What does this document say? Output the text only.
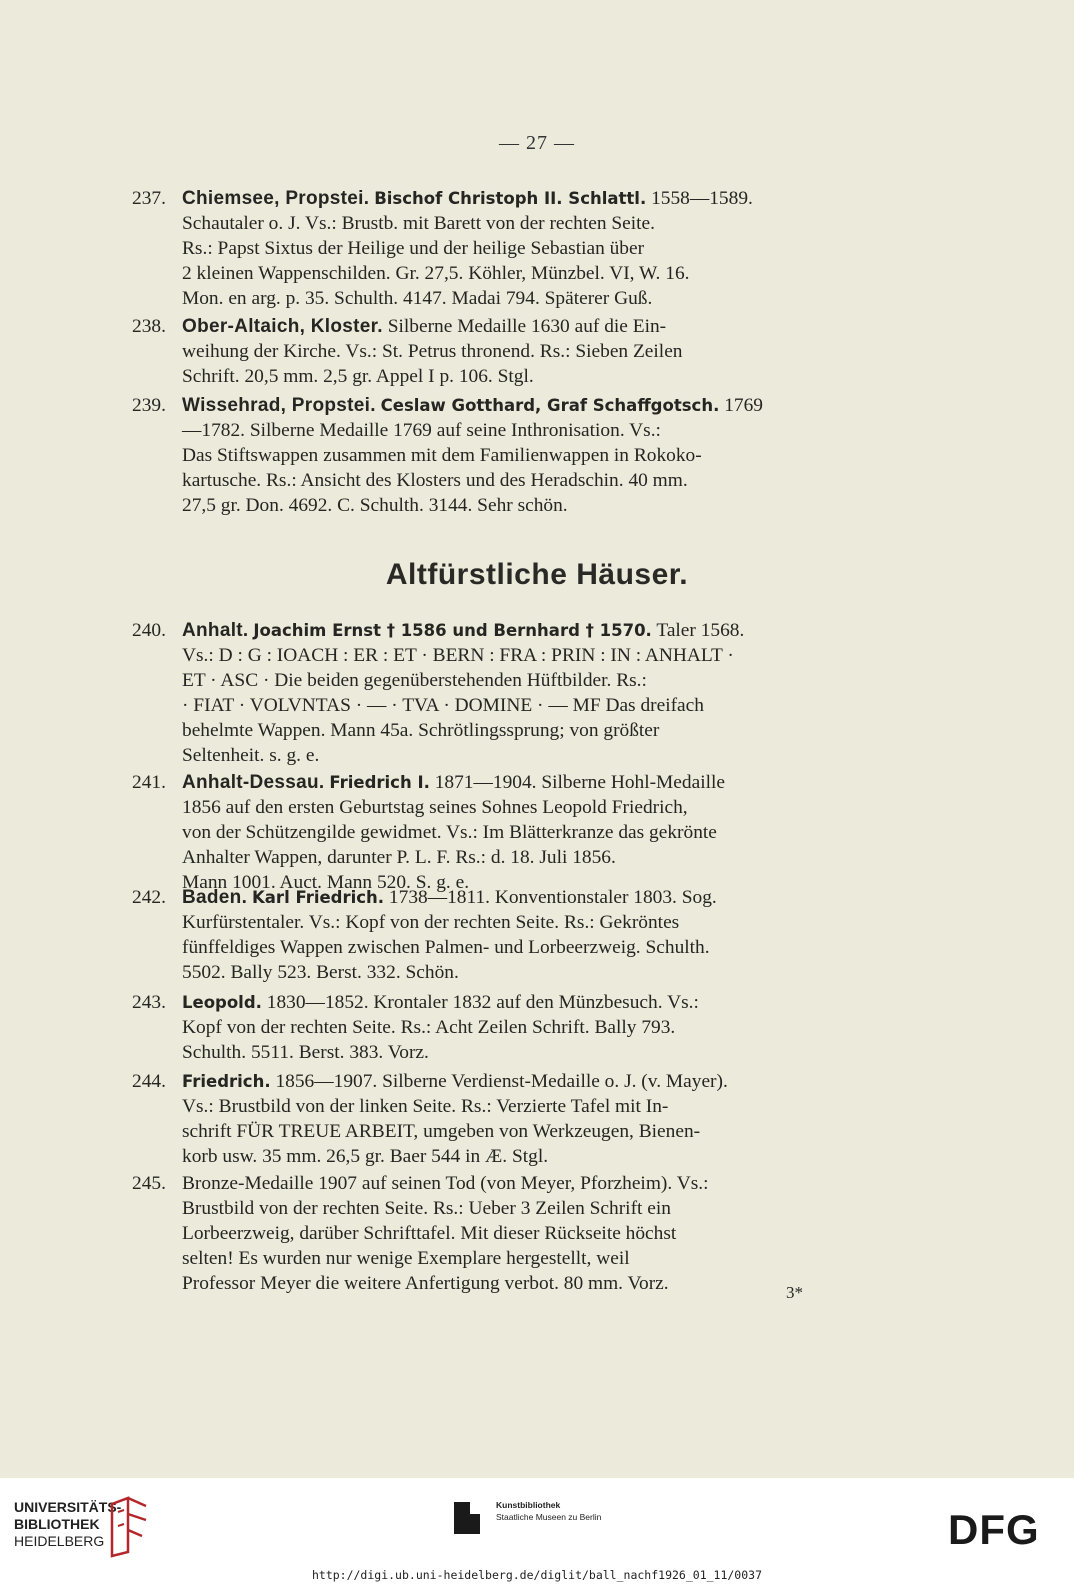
— 27 —
237. Chiemsee, Propstei. Bischof Christoph II. Schlattl. 1558—1589.
Schautaler o. J. Vs.: Brustb. mit Barett von der rechten Seite.
Rs.: Papst Sixtus der Heilige und der heilige Sebastian über
2 kleinen Wappenschilden. Gr. 27,5. Köhler, Münzbel. VI, W. 16.
Mon. en arg. p. 35. Schulth. 4147. Madai 794. Späterer Guß.
238. Ober-Altaich, Kloster. Silberne Medaille 1630 auf die Ein-
weihung der Kirche. Vs.: St. Petrus thronend. Rs.: Sieben Zeilen
Schrift. 20,5 mm. 2,5 gr. Appel I p. 106. Stgl.
239. Wissehrad, Propstei. Ceslaw Gotthard, Graf Schaffgotsch. 1769
—1782. Silberne Medaille 1769 auf seine Inthronisation. Vs.:
Das Stiftswappen zusammen mit dem Familienwappen in Rokoko-
kartusche. Rs.: Ansicht des Klosters und des Heradschin. 40 mm.
27,5 gr. Don. 4692. C. Schulth. 3144. Sehr schön.
Altfürstliche Häuser.
240. Anhalt. Joachim Ernst † 1586 und Bernhard † 1570. Taler 1568.
Vs.: D : G : IOACH : ER : ET · BERN : FRA : PRIN : IN : ANHALT ·
ET · ASC · Die beiden gegenüberstehenden Hüftbilder. Rs.:
· FIAT · VOLVNTAS · — · TVA · DOMINE · — MF Das dreifach
behelmte Wappen. Mann 45a. Schrötlingssprung; von größter
Seltenheit. s. g. e.
241. Anhalt-Dessau. Friedrich I. 1871—1904. Silberne Hohl-Medaille
1856 auf den ersten Geburtstag seines Sohnes Leopold Friedrich,
von der Schützengilde gewidmet. Vs.: Im Blätterkranze das gekrönte
Anhalter Wappen, darunter P. L. F. Rs.: d. 18. Juli 1856.
Mann 1001. Auct. Mann 520. S. g. e.
242. Baden. Karl Friedrich. 1738—1811. Konventionstaler 1803. Sog.
Kurfürstentaler. Vs.: Kopf von der rechten Seite. Rs.: Gekröntes
fünffeldiges Wappen zwischen Palmen- und Lorbeerzweig. Schulth.
5502. Bally 523. Berst. 332. Schön.
243. Leopold. 1830—1852. Krontaler 1832 auf den Münzbesuch. Vs.:
Kopf von der rechten Seite. Rs.: Acht Zeilen Schrift. Bally 793.
Schulth. 5511. Berst. 383. Vorz.
244. Friedrich. 1856—1907. Silberne Verdienst-Medaille o. J. (v. Mayer).
Vs.: Brustbild von der linken Seite. Rs.: Verzierte Tafel mit In-
schrift FÜR TREUE ARBEIT, umgeben von Werkzeugen, Bienen-
korb usw. 35 mm. 26,5 gr. Baer 544 in Æ. Stgl.
245. Bronze-Medaille 1907 auf seinen Tod (von Meyer, Pforzheim). Vs.:
Brustbild von der rechten Seite. Rs.: Ueber 3 Zeilen Schrift ein
Lorbeerzweig, darüber Schrifttafel. Mit dieser Rückseite höchst
selten! Es wurden nur wenige Exemplare hergestellt, weil
Professor Meyer die weitere Anfertigung verbot. 80 mm. Vorz.	3*
UNIVERSITÄTS-
BIBLIOTHEK
HEIDELBERG
Kunstbibliothek
Staatliche Museen zu Berlin	DFG
http://digi.ub.uni-heidelberg.de/diglit/ball_nachf1926_01_11/0037
